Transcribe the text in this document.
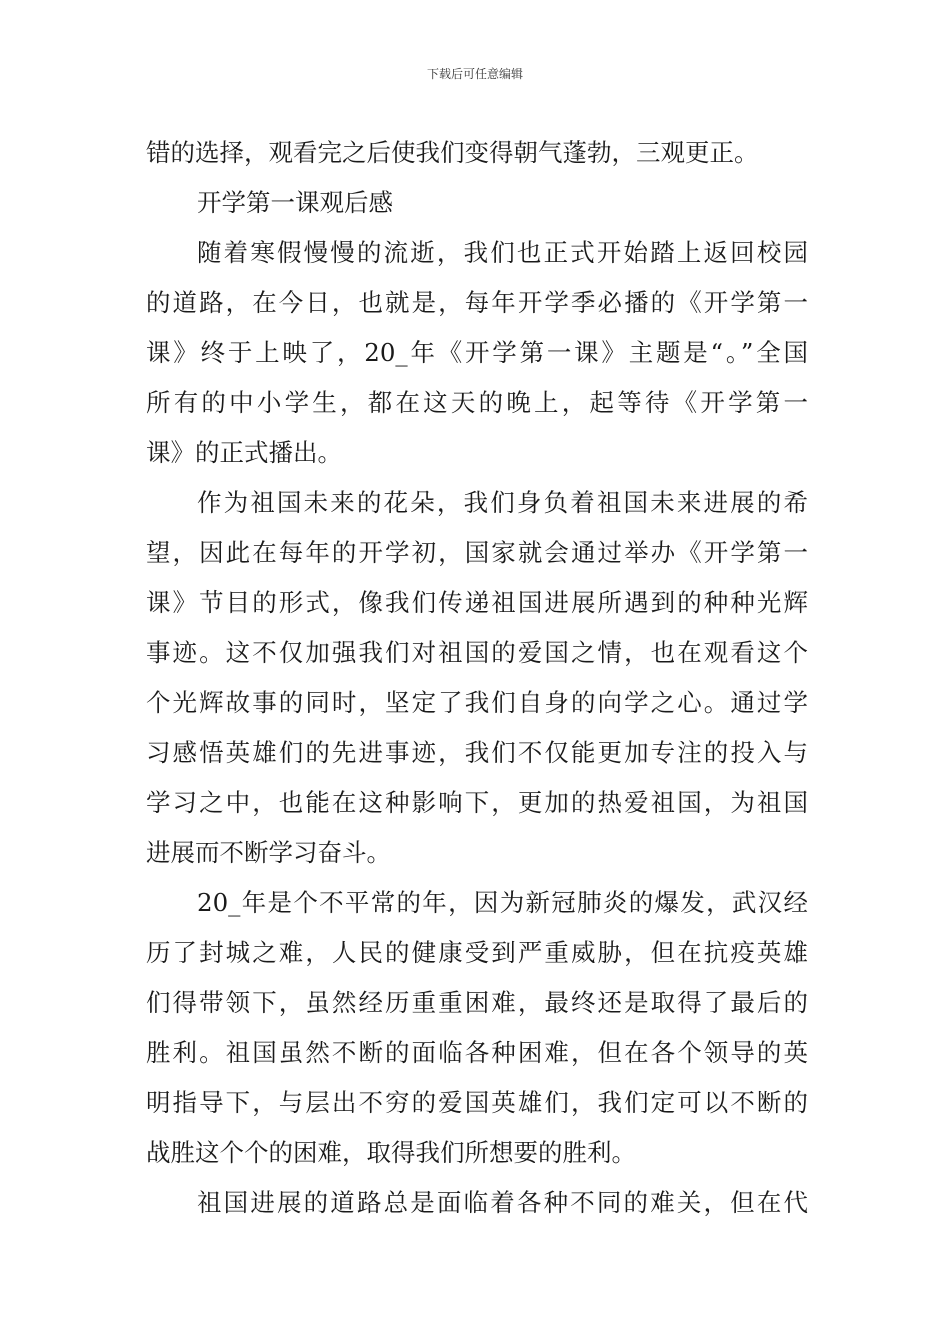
下载后可任意编辑
错的选择，观看完之后使我们变得朝气蓬勃，三观更正。
开学第一课观后感
随着寒假慢慢的流逝，我们也正式开始踏上返回校园
的道路，在今日，也就是，每年开学季必播的《开学第一
课》终于上映了，20_年《开学第一课》主题是“。”全国
所有的中小学生，都在这天的晚上，起等待《开学第一
课》的正式播出。
作为祖国未来的花朵，我们身负着祖国未来进展的希
望，因此在每年的开学初，国家就会通过举办《开学第一
课》节目的形式，像我们传递祖国进展所遇到的种种光辉
事迹。这不仅加强我们对祖国的爱国之情，也在观看这个
个光辉故事的同时，坚定了我们自身的向学之心。通过学
习感悟英雄们的先进事迹，我们不仅能更加专注的投入与
学习之中，也能在这种影响下，更加的热爱祖国，为祖国
进展而不断学习奋斗。
20_年是个不平常的年，因为新冠肺炎的爆发，武汉经
历了封城之难，人民的健康受到严重威胁，但在抗疫英雄
们得带领下，虽然经历重重困难，最终还是取得了最后的
胜利。祖国虽然不断的面临各种困难，但在各个领导的英
明指导下，与层出不穷的爱国英雄们，我们定可以不断的
战胜这个个的困难，取得我们所想要的胜利。
祖国进展的道路总是面临着各种不同的难关，但在代
